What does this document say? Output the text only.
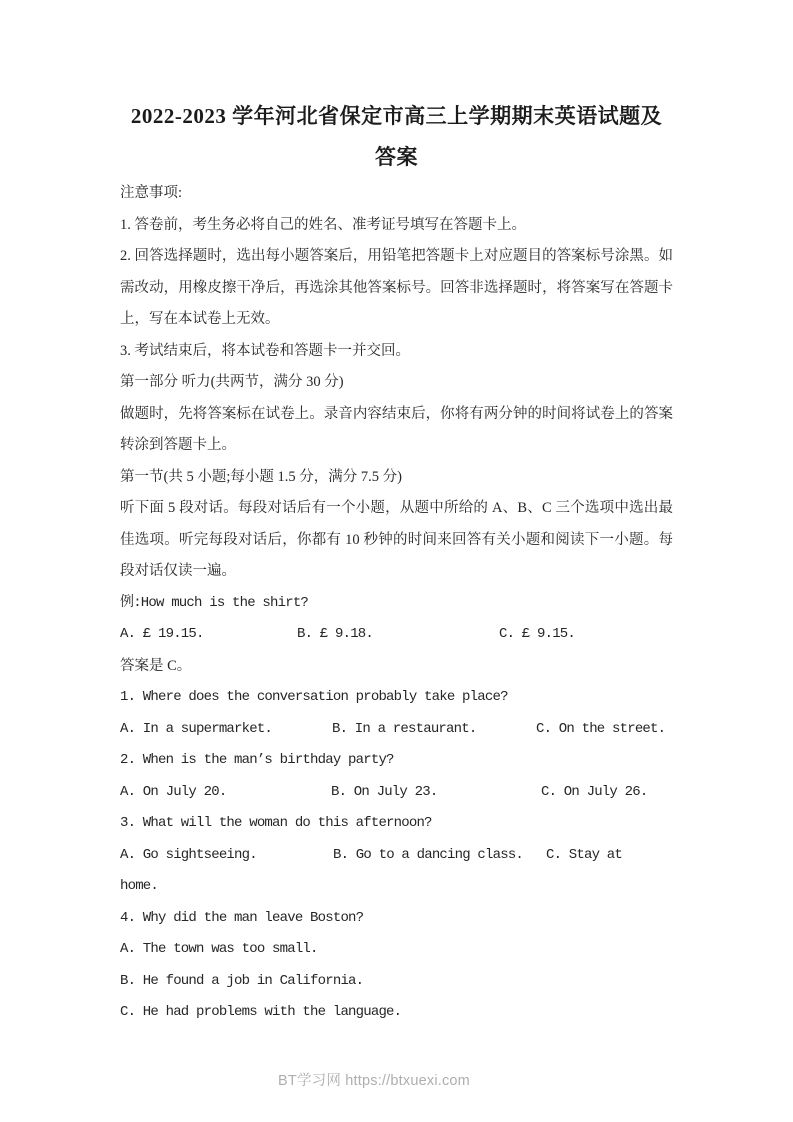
2022-2023 学年河北省保定市高三上学期期末英语试题及
答案

注意事项:

1. 答卷前，考生务必将自己的姓名、准考证号填写在答题卡上。

2. 回答选择题时，选出每小题答案后，用铅笔把答题卡上对应题目的答案标号涂黑。如需改动，用橡皮擦干净后，再选涂其他答案标号。回答非选择题时，将答案写在答题卡上，写在本试卷上无效。

3. 考试结束后，将本试卷和答题卡一并交回。

第一部分 听力(共两节，满分 30 分)

做题时，先将答案标在试卷上。录音内容结束后，你将有两分钟的时间将试卷上的答案转涂到答题卡上。

第一节(共 5 小题;每小题 1.5 分，满分 7.5 分)

听下面 5 段对话。每段对话后有一个小题，从题中所给的 A、B、C 三个选项中选出最佳选项。听完每段对话后，你都有 10 秒钟的时间来回答有关小题和阅读下一小题。每段对话仅读一遍。

例:How much is the shirt?

A. £ 19.15.	B. £ 9.18.	C. £ 9.15.

答案是 C。

1. Where does the conversation probably take place?

A. In a supermarket.	B. In a restaurant.	C. On the street.

2. When is the man’s birthday party?

A. On July 20.	B. On July 23.	C. On July 26.

3. What will the woman do this afternoon?

A. Go sightseeing.	B. Go to a dancing class.	C. Stay at

home.

4. Why did the man leave Boston?

A. The town was too small.

B. He found a job in California.

C. He had problems with the language.

BT学习网 https://btxuexi.com
